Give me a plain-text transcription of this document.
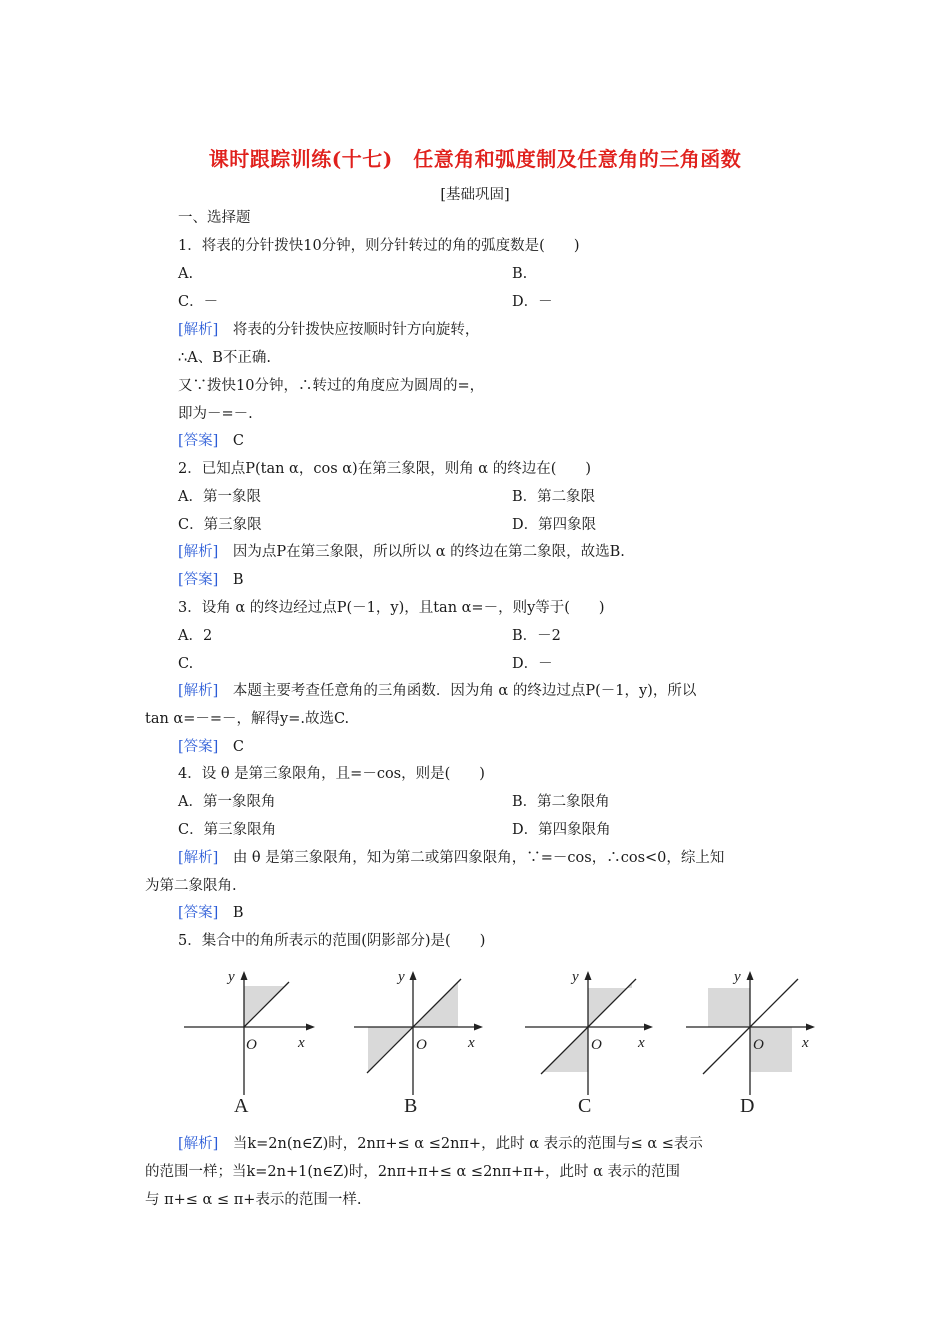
课时跟踪训练(十七)　任意角和弧度制及任意角的三角函数
[基础巩固]
一、选择题
1．将表的分针拨快10分钟，则分针转过的角的弧度数是(　　)
A.	B.
C．－	D．－
[解析]　将表的分针拨快应按顺时针方向旋转，
∴A、B不正确.
又∵拨快10分钟，∴转过的角度应为圆周的=，
即为－=－.
[答案]　C
2．已知点P(tan α，cos α)在第三象限，则角 α 的终边在(　　)
A．第一象限	B．第二象限
C．第三象限	D．第四象限
[解析]　因为点P在第三象限，所以所以 α 的终边在第二象限，故选B.
[答案]　B
3．设角 α 的终边经过点P(－1，y)，且tan α=－，则y等于(　　)
A．2	B．－2
C.	D．－
[解析]　本题主要考查任意角的三角函数．因为角 α 的终边过点P(－1，y)，所以
tan α=－=－，解得y=.故选C.
[答案]　C
4．设 θ 是第三象限角，且=－cos，则是(　　)
A．第一象限角	B．第二象限角
C．第三象限角	D．第四象限角
[解析]　由 θ 是第三象限角，知为第二或第四象限角，∵=－cos，∴cos<0，综上知
为第二象限角.
[答案]　B
5．集合中的角所表示的范围(阴影部分)是(　　)
y
x
O
A
y
x
O
B
y
x
O
C
y
x
O
D
[解析]　当k=2n(n∈Z)时，2nπ+≤ α ≤2nπ+，此时 α 表示的范围与≤ α ≤表示
的范围一样；当k=2n+1(n∈Z)时，2nπ+π+≤ α ≤2nπ+π+，此时 α 表示的范围
与 π+≤ α ≤ π+表示的范围一样.
